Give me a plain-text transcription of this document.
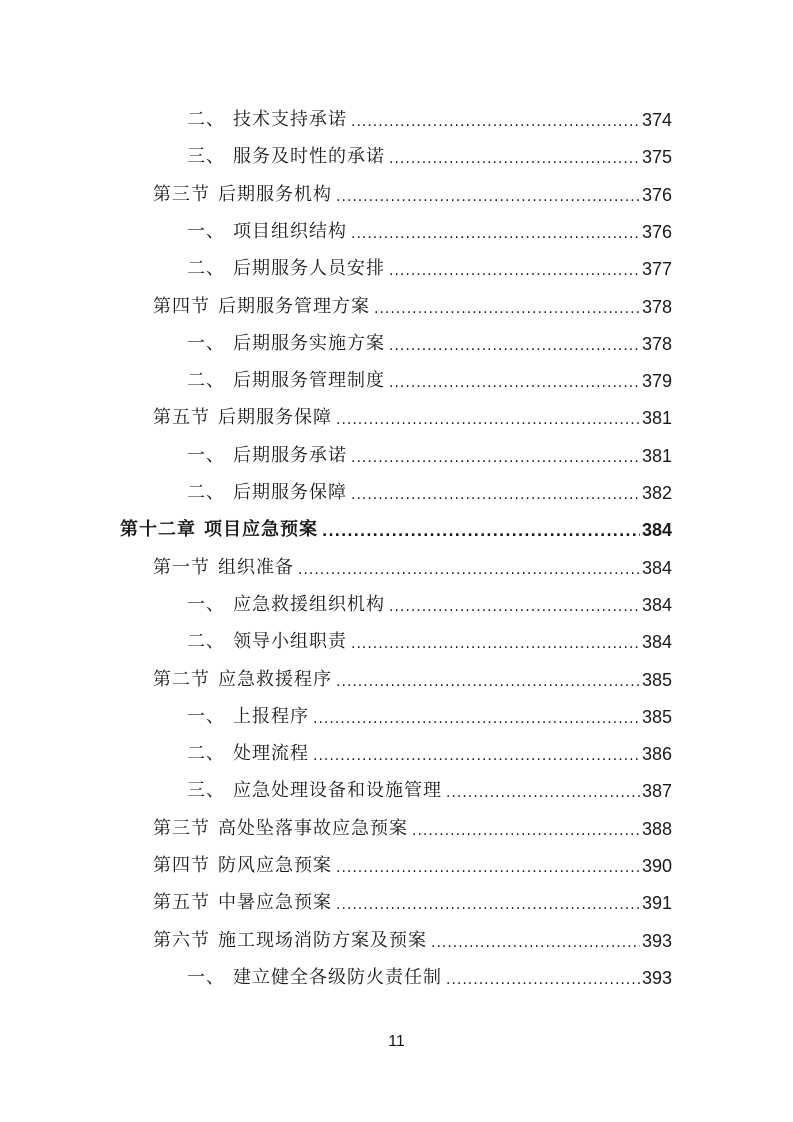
二、 技术支持承诺 .....	374
三、 服务及时性的承诺 .....	375
第三节 后期服务机构 .....	376
一、 项目组织结构 .....	376
二、 后期服务人员安排 .....	377
第四节 后期服务管理方案 .....	378
一、 后期服务实施方案 .....	378
二、 后期服务管理制度 .....	379
第五节 后期服务保障 .....	381
一、 后期服务承诺 .....	381
二、 后期服务保障 .....	382
第十二章 项目应急预案 .....	384
第一节 组织准备 .....	384
一、 应急救援组织机构 .....	384
二、 领导小组职责 .....	384
第二节 应急救援程序 .....	385
一、 上报程序 .....	385
二、 处理流程 .....	386
三、 应急处理设备和设施管理 .....	387
第三节 高处坠落事故应急预案 .....	388
第四节 防风应急预案 .....	390
第五节 中暑应急预案 .....	391
第六节 施工现场消防方案及预案 .....	393
一、 建立健全各级防火责任制 .....	393
11
